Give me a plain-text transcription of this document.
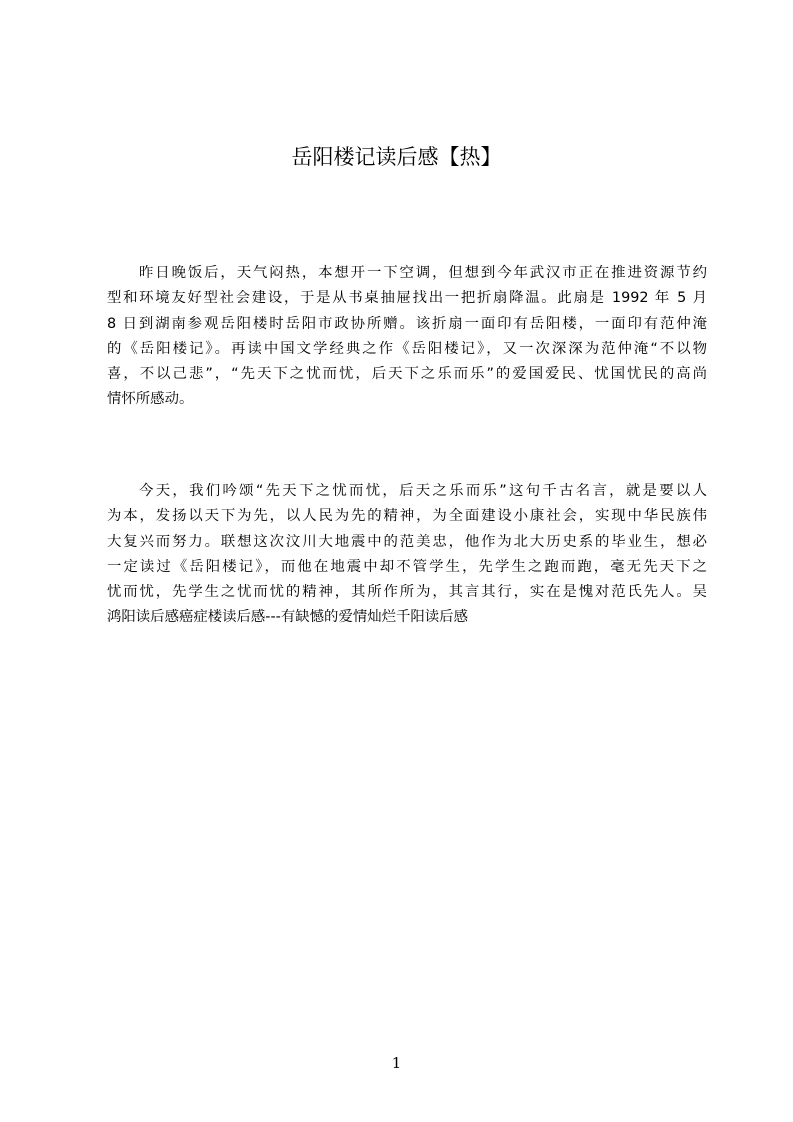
岳阳楼记读后感【热】
昨日晚饭后，天气闷热，本想开一下空调，但想到今年武汉市正在推进资源节约
型和环境友好型社会建设，于是从书桌抽屉找出一把折扇降温。此扇是 1992 年 5 月
8 日到湖南参观岳阳楼时岳阳市政协所赠。该折扇一面印有岳阳楼，一面印有范仲淹
的《岳阳楼记》。再读中国文学经典之作《岳阳楼记》，又一次深深为范仲淹“不以物
喜，不以己悲”，“先天下之忧而忧，后天下之乐而乐”的爱国爱民、忧国忧民的高尚
情怀所感动。
今天，我们吟颂“先天下之忧而忧，后天之乐而乐”这句千古名言，就是要以人
为本，发扬以天下为先，以人民为先的精神，为全面建设小康社会，实现中华民族伟
大复兴而努力。联想这次汶川大地震中的范美忠，他作为北大历史系的毕业生，想必
一定读过《岳阳楼记》，而他在地震中却不管学生，先学生之跑而跑，毫无先天下之
忧而忧，先学生之忧而忧的精神，其所作所为，其言其行，实在是愧对范氏先人。吴
鸿阳读后感癌症楼读后感---有缺憾的爱情灿烂千阳读后感
1
